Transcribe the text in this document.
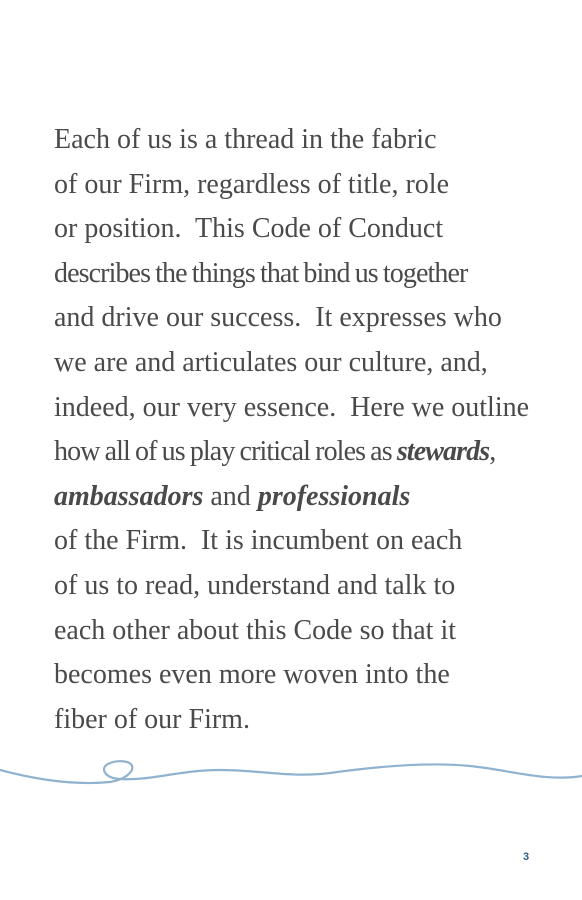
Each of us is a thread in the fabric
of our Firm, regardless of title, role
or position.  This Code of Conduct
describes the things that bind us together
and drive our success.  It expresses who
we are and articulates our culture, and,
indeed, our very essence.  Here we outline
how all of us play critical roles as stewards,
ambassadors and professionals
of the Firm.  It is incumbent on each
of us to read, understand and talk to
each other about this Code so that it
becomes even more woven into the
fiber of our Firm.
3
